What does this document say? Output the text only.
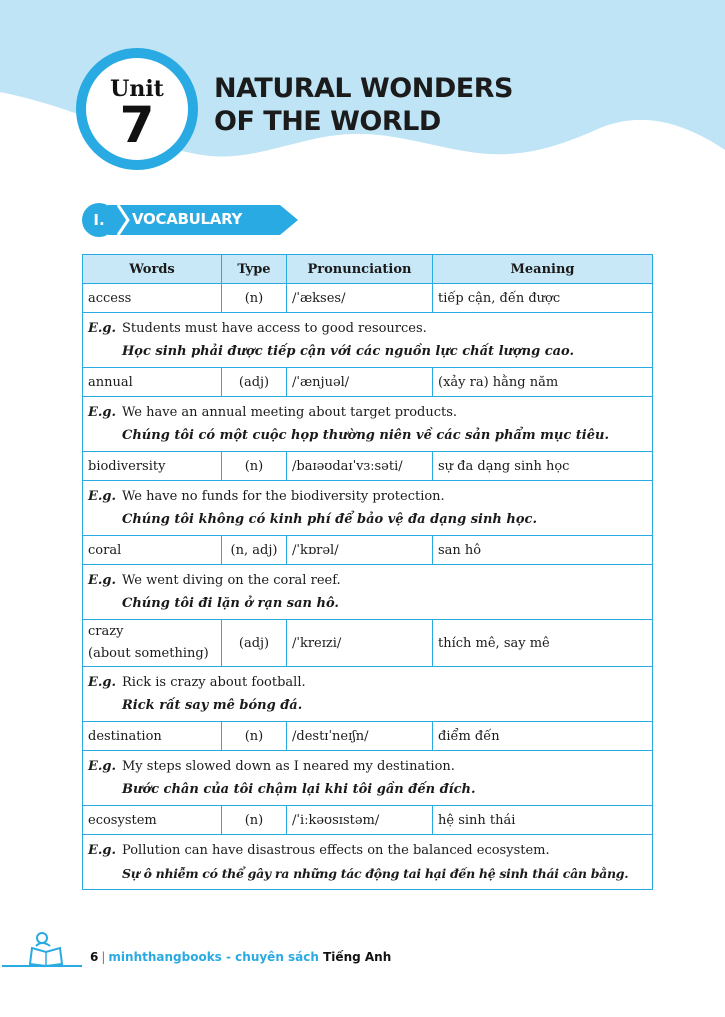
Unit
7
NATURAL WONDERS
OF THE WORLD
I.	VOCABULARY
Words	Type	Pronunciation	Meaning
access	(n)	/ˈækses/	tiếp cận, đến được

E.g. Students must have access to good resources.
Học sinh phải được tiếp cận với các nguồn lực chất lượng cao.			

annual	(adj)	/ˈænjuəl/	(xảy ra) hằng năm

E.g. We have an annual meeting about target products.
Chúng tôi có một cuộc họp thường niên về các sản phẩm mục tiêu.			

biodiversity	(n)	/baɪəʊdaɪˈvɜːsəti/	sự đa dạng sinh học

E.g. We have no funds for the biodiversity protection.
Chúng tôi không có kinh phí để bảo vệ đa dạng sinh học.			

coral	(n, adj)	/ˈkɒrəl/	san hô

E.g. We went diving on the coral reef.
Chúng tôi đi lặn ở rạn san hô.			

crazy
(about something)	(adj)	/ˈkreɪzi/	thích mê, say mê

E.g. Rick is crazy about football.
Rick rất say mê bóng đá.			

destination	(n)	/destɪˈneɪʃn/	điểm đến

E.g. My steps slowed down as I neared my destination.
Bước chân của tôi chậm lại khi tôi gần đến đích.			

ecosystem	(n)	/ˈiːkəʊsɪstəm/	hệ sinh thái

E.g. Pollution can have disastrous effects on the balanced ecosystem.
Sự ô nhiễm có thể gây ra những tác động tai hại đến hệ sinh thái cân bằng.			
6 | minhthangbooks - chuyên sách Tiếng Anh
